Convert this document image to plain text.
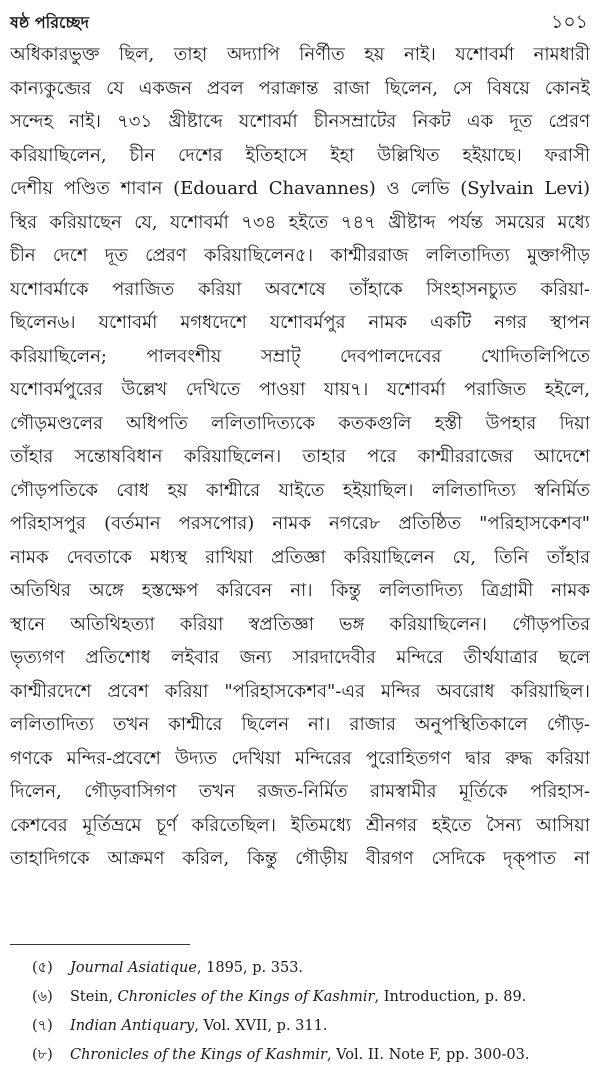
ষষ্ঠ পরিচ্ছেদ	১০১
অধিকারভুক্ত ছিল, তাহা অদ্যাপি নির্ণীত হয় নাই। যশোবর্মা নামধারী
কান্যকুব্জের যে একজন প্রবল পরাক্রান্ত রাজা ছিলেন, সে বিষয়ে কোনই
সন্দেহ নাই। ৭৩১ খ্রীষ্টাব্দে যশোবর্মা চীনসম্রাটের নিকট এক দূত প্রেরণ
করিয়াছিলেন, চীন দেশের ইতিহাসে ইহা উল্লিখিত হইয়াছে। ফরাসী
দেশীয় পণ্ডিত শাবান (Edouard Chavannes) ও লেভি (Sylvain Levi)
স্থির করিয়াছেন যে, যশোবর্মা ৭৩৪ হইতে ৭৪৭ খ্রীষ্টাব্দ পর্যন্ত সময়ের মধ্যে
চীন দেশে দূত প্রেরণ করিয়াছিলেন৫। কাশ্মীররাজ ললিতাদিত্য মুক্তাপীড়
যশোবর্মাকে পরাজিত করিয়া অবশেষে তাঁহাকে সিংহাসনচ্যুত করিয়া-
ছিলেন৬। যশোবর্মা মগধদেশে যশোবর্মপুর নামক একটি নগর স্থাপন
করিয়াছিলেন; পালবংশীয় সম্রাট্ দেবপালদেবের খোদিতলিপিতে
যশোবর্মপুরের উল্লেখ দেখিতে পাওয়া যায়৭। যশোবর্মা পরাজিত হইলে,
গৌড়মণ্ডলের অধিপতি ললিতাদিত্যকে কতকগুলি হস্তী উপহার দিয়া
তাঁহার সন্তোষবিধান করিয়াছিলেন। তাহার পরে কাশ্মীররাজের আদেশে
গৌড়পতিকে বোধ হয় কাশ্মীরে যাইতে হইয়াছিল। ললিতাদিত্য স্বনির্মিত
পরিহাসপুর (বর্তমান পরসপোর) নামক নগরে৮ প্রতিষ্ঠিত "পরিহাসকেশব"
নামক দেবতাকে মধ্যস্থ রাখিয়া প্রতিজ্ঞা করিয়াছিলেন যে, তিনি তাঁহার
অতিথির অঙ্গে হস্তক্ষেপ করিবেন না। কিন্তু ললিতাদিত্য ত্রিগ্রামী নামক
স্থানে অতিথিহত্যা করিয়া স্বপ্রতিজ্ঞা ভঙ্গ করিয়াছিলেন। গৌড়পতির
ভৃত্যগণ প্রতিশোধ লইবার জন্য সারদাদেবীর মন্দিরে তীর্থযাত্রার ছলে
কাশ্মীরদেশে প্রবেশ করিয়া "পরিহাসকেশব"-এর মন্দির অবরোধ করিয়াছিল।
ললিতাদিত্য তখন কাশ্মীরে ছিলেন না। রাজার অনুপস্থিতিকালে গৌড়-
গণকে মন্দির-প্রবেশে উদ্যত দেখিয়া মন্দিরের পুরোহিতগণ দ্বার রুদ্ধ করিয়া
দিলেন, গৌড়বাসিগণ তখন রজত-নির্মিত রামস্বামীর মূর্তিকে পরিহাস-
কেশবের মূর্তিভ্রমে চূর্ণ করিতেছিল। ইতিমধ্যে শ্রীনগর হইতে সৈন্য আসিয়া
তাহাদিগকে আক্রমণ করিল, কিন্তু গৌড়ীয় বীরগণ সেদিকে দৃক্পাত না
(৫) Journal Asiatique, 1895, p. 353.
(৬) Stein, Chronicles of the Kings of Kashmir, Introduction, p. 89.
(৭) Indian Antiquary, Vol. XVII, p. 311.
(৮) Chronicles of the Kings of Kashmir, Vol. II. Note F, pp. 300-03.
